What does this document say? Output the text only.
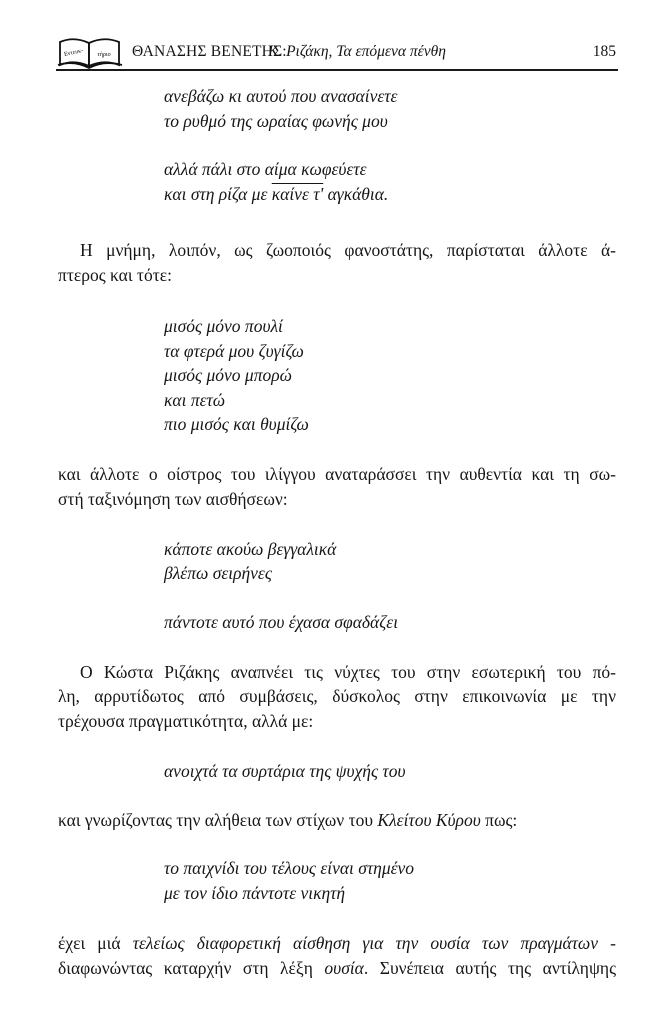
Εντευκ- τήριο ΘΑΝΑΣΗΣ ΒΕΝΕΤΗΣ:
Κ. Ριζάκη, Τα επόμενα πένθη	185

ανεβάζω κι αυτού που ανασαίνετε

το ρυθμό της ωραίας φωνής μου

αλλά πάλι στο αίμα κωφεύετε

και στη ρίζα με καίνε τ' αγκάθια.

Η μνήμη, λοιπόν, ως ζωοποιός φανοστάτης, παρίσταται άλλοτε ά-

πτερος και τότε:

μισός μόνο πουλί

τα φτερά μου ζυγίζω

μισός μόνο μπορώ

και πετώ

πιο μισός και θυμίζω

και άλλοτε ο οίστρος του ιλίγγου αναταράσσει την αυθεντία και τη σω-

στή ταξινόμηση των αισθήσεων:

κάποτε ακούω βεγγαλικά

βλέπω σειρήνες

πάντοτε αυτό που έχασα σφαδάζει

Ο Κώστα Ριζάκης αναπνέει τις νύχτες του στην εσωτερική του πό-

λη, αρρυτίδωτος από συμβάσεις, δύσκολος στην επικοινωνία με την

τρέχουσα πραγματικότητα, αλλά με:

ανοιχτά τα συρτάρια της ψυχής του

και γνωρίζοντας την αλήθεια των στίχων του Κλείτου Κύρου πως:

το παιχνίδι του τέλους είναι στημένο

με τον ίδιο πάντοτε νικητή

έχει μιά τελείως διαφορετική αίσθηση για την ουσία των πραγμάτων -

διαφωνώντας καταρχήν στη λέξη ουσία. Συνέπεια αυτής της αντίληψης
